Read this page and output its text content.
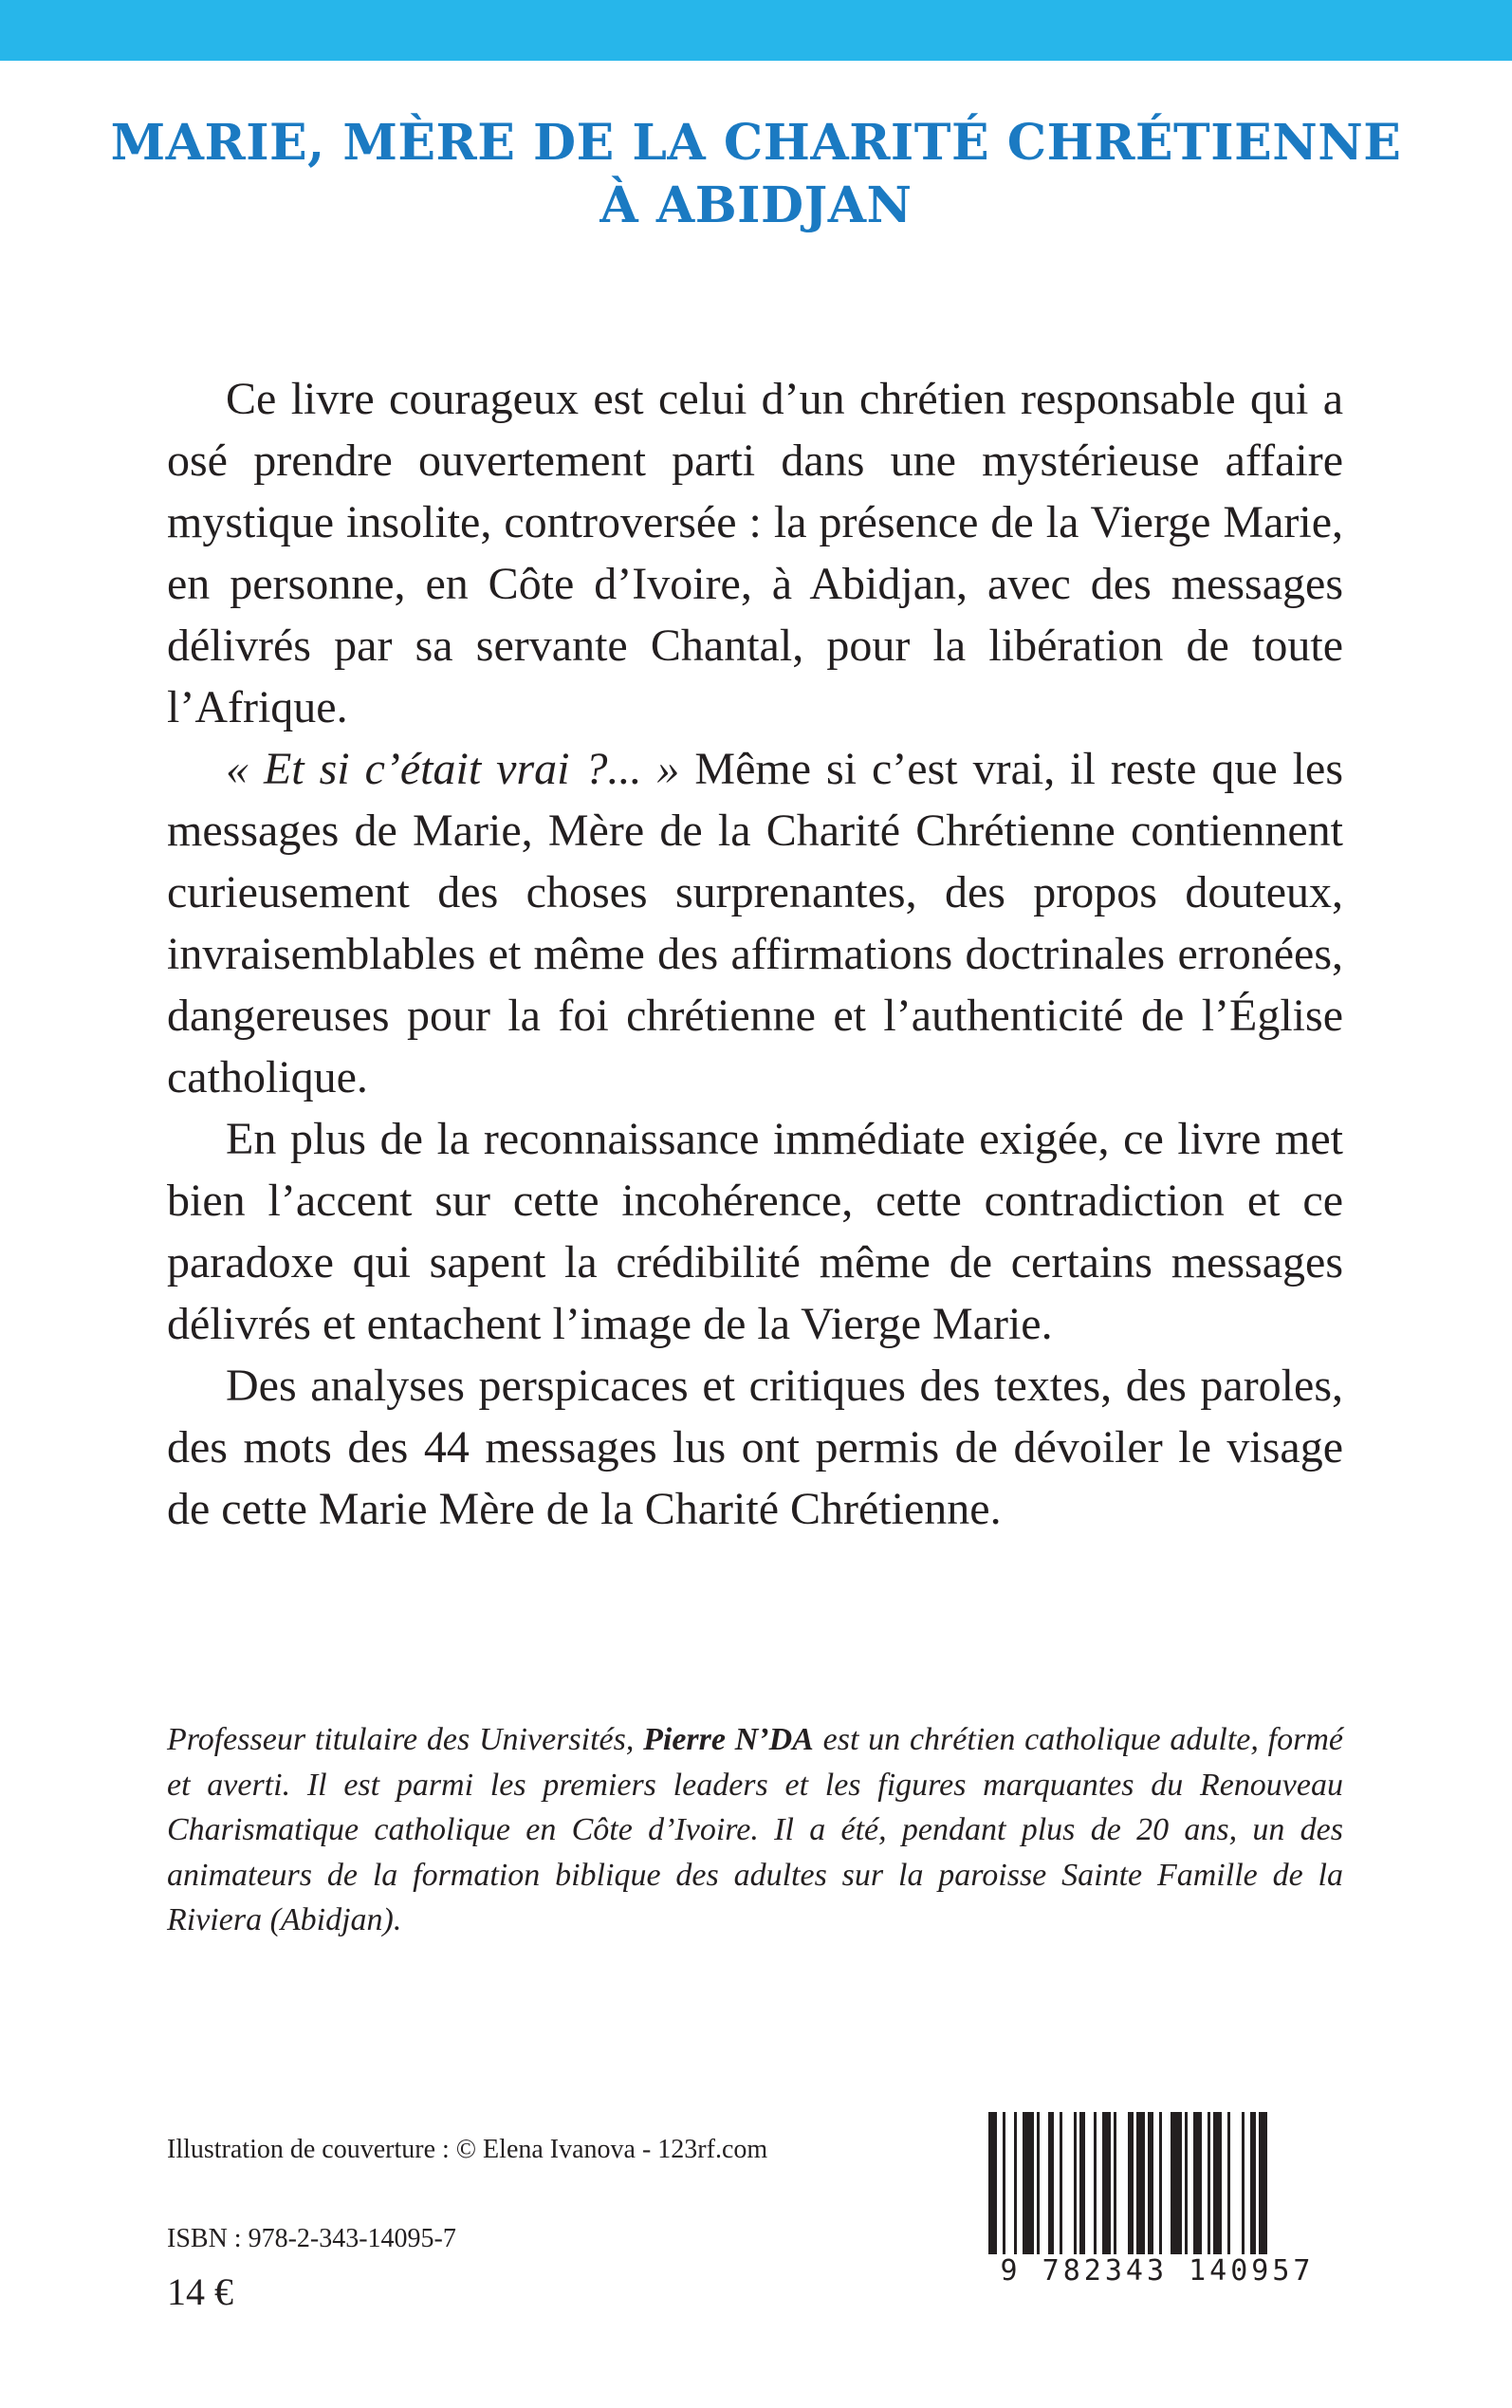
MARIE, MÈRE DE LA CHARITÉ CHRÉTIENNE
À ABIDJAN

Ce livre courageux est celui d’un chrétien responsable qui a osé prendre ouvertement parti dans une mystérieuse affaire mystique insolite, controversée : la présence de la Vierge Marie, en personne, en Côte d’Ivoire, à Abidjan, avec des messages délivrés par sa servante Chantal, pour la libération de toute l’Afrique.

« Et si c’était vrai ?... » Même si c’est vrai, il reste que les messages de Marie, Mère de la Charité Chrétienne contiennent curieusement des choses surprenantes, des propos douteux, invraisemblables et même des affirmations doctrinales erronées, dangereuses pour la foi chrétienne et l’authenticité de l’Église catholique.

En plus de la reconnaissance immédiate exigée, ce livre met bien l’accent sur cette incohérence, cette contradiction et ce paradoxe qui sapent la crédibilité même de certains messages délivrés et entachent l’image de la Vierge Marie.

Des analyses perspicaces et critiques des textes, des paroles, des mots des 44 messages lus ont permis de dévoiler le visage de cette Marie Mère de la Charité Chrétienne.

Professeur titulaire des Universités, Pierre N’DA est un chrétien catholique adulte, formé et averti. Il est parmi les premiers leaders et les figures marquantes du Renouveau Charismatique catholique en Côte d’Ivoire. Il a été, pendant plus de 20 ans, un des animateurs de la formation biblique des adultes sur la paroisse Sainte Famille de la Riviera (Abidjan).

Illustration de couverture : © Elena Ivanova - 123rf.com
ISBN : 978-2-343-14095-7
14 €	9 782343 140957
